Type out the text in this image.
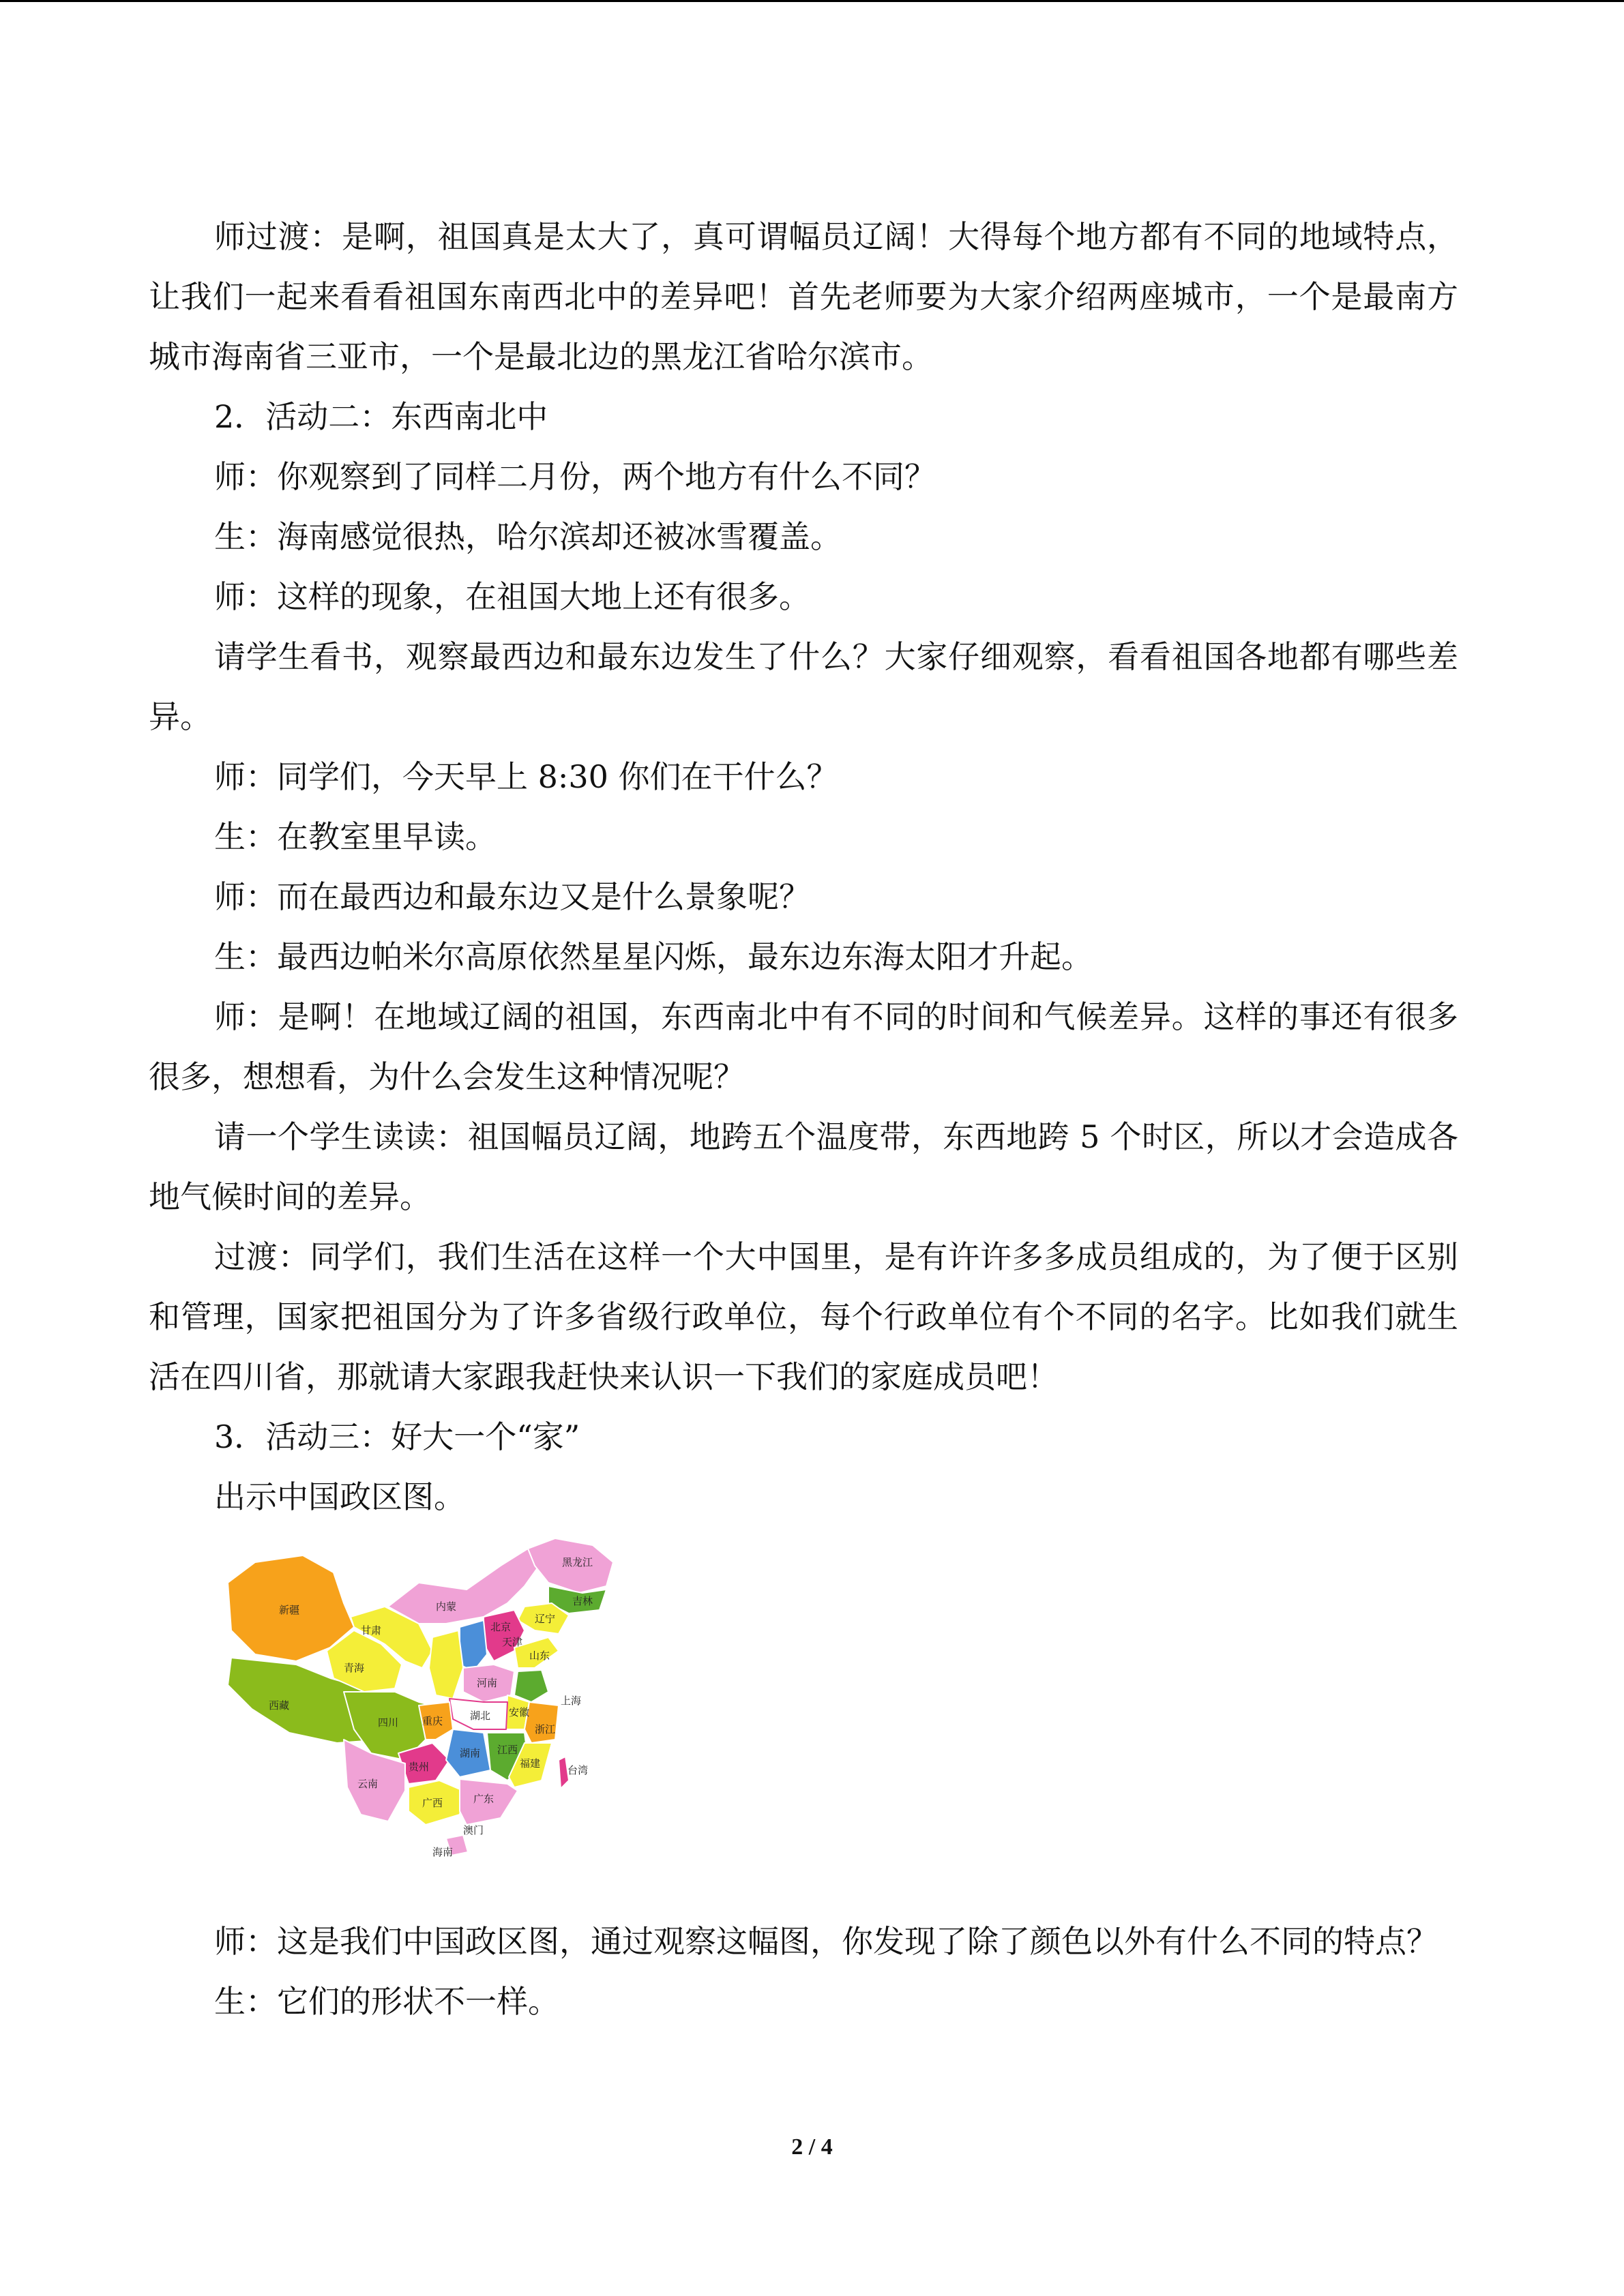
师过渡：是啊，祖国真是太大了，真可谓幅员辽阔！大得每个地方都有不同的地域特点，让我们一起来看看祖国东南西北中的差异吧！首先老师要为大家介绍两座城市，一个是最南方城市海南省三亚市，一个是最北边的黑龙江省哈尔滨市。

2．活动二：东西南北中

师：你观察到了同样二月份，两个地方有什么不同？

生：海南感觉很热，哈尔滨却还被冰雪覆盖。

师：这样的现象，在祖国大地上还有很多。

请学生看书，观察最西边和最东边发生了什么？大家仔细观察，看看祖国各地都有哪些差异。

师：同学们，今天早上 8:30 你们在干什么？

生：在教室里早读。

师：而在最西边和最东边又是什么景象呢？

生：最西边帕米尔高原依然星星闪烁，最东边东海太阳才升起。

师：是啊！在地域辽阔的祖国，东西南北中有不同的时间和气候差异。这样的事还有很多很多，想想看，为什么会发生这种情况呢？

请一个学生读读：祖国幅员辽阔，地跨五个温度带，东西地跨 5 个时区，所以才会造成各地气候时间的差异。

过渡：同学们，我们生活在这样一个大中国里，是有许许多多成员组成的，为了便于区别和管理，国家把祖国分为了许多省级行政单位，每个行政单位有个不同的名字。比如我们就生活在四川省，那就请大家跟我赶快来认识一下我们的家庭成员吧！

3．活动三：好大一个“家”

出示中国政区图。

新疆
西藏
青海
甘肃
内蒙
黑龙江
吉林
辽宁
北京
天津
山东
河南
四川 重庆	湖北 安徽
上海
浙江
湖南 江西
贵州	福建
云南
广西	广东
台湾
海南
澳门

师：这是我们中国政区图，通过观察这幅图，你发现了除了颜色以外有什么不同的特点？

生：它们的形状不一样。

2 / 4
